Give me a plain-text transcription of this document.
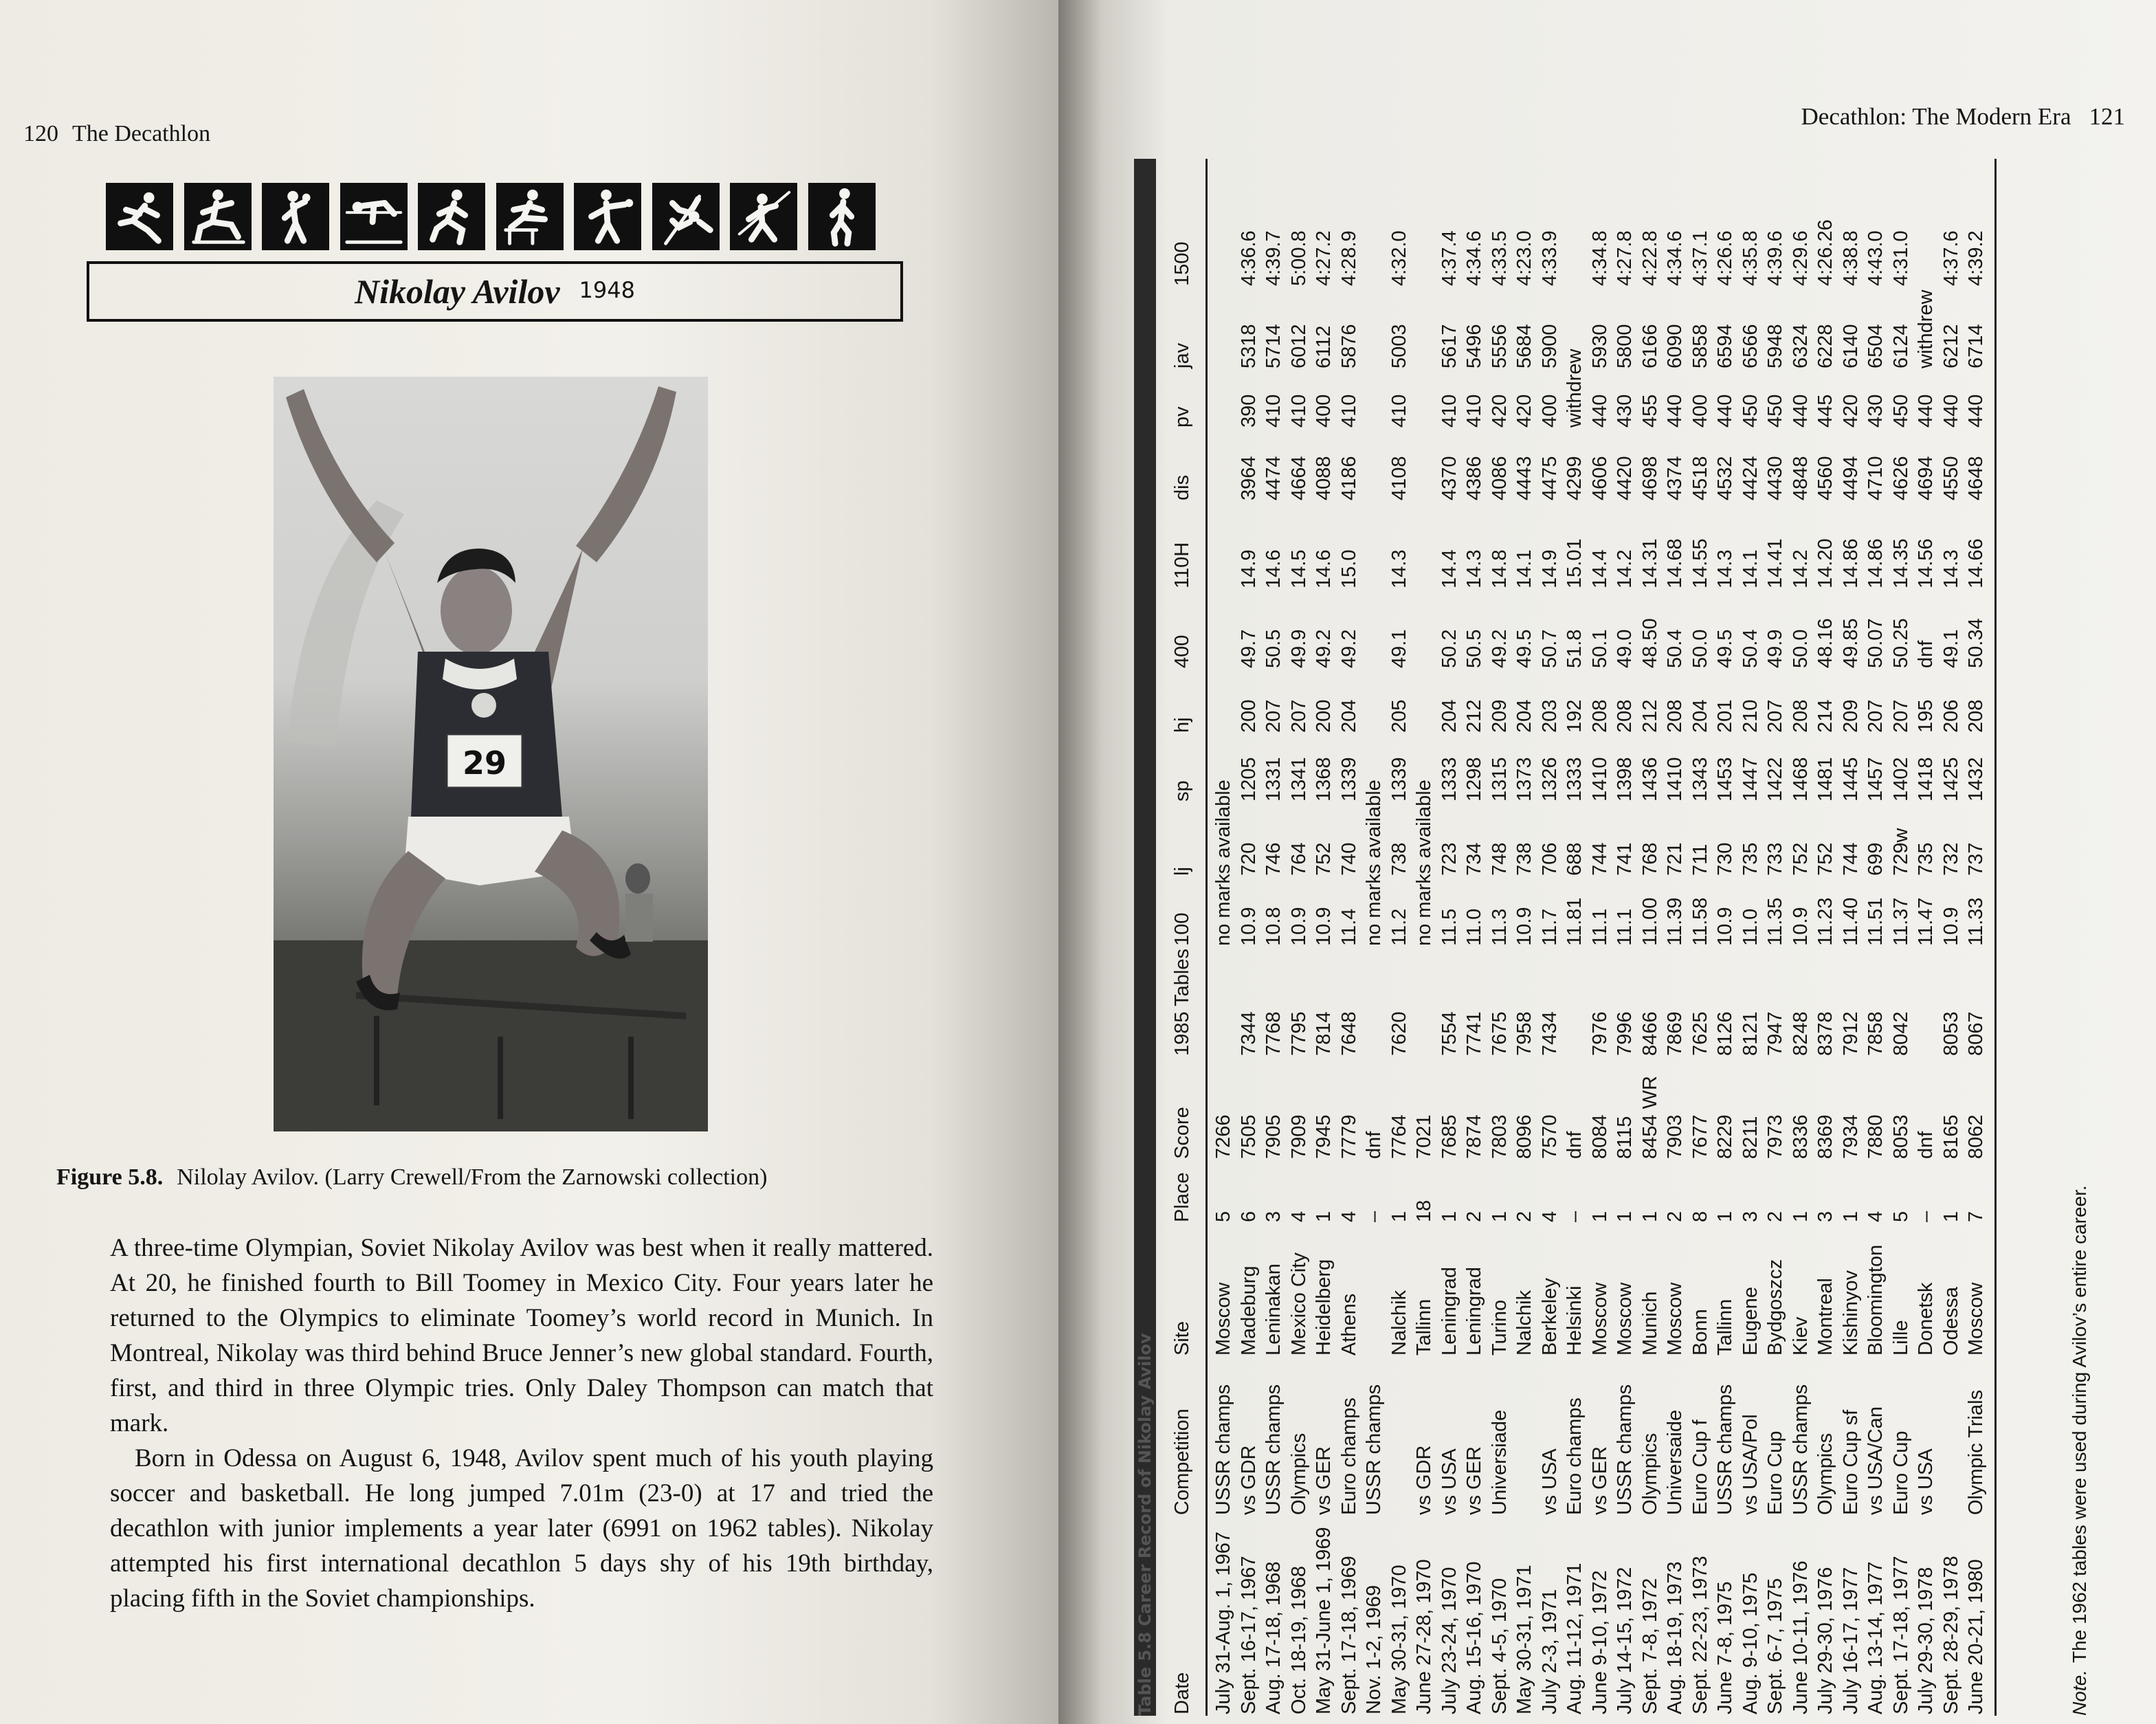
120 The Decathlon
Nikolay Avilov 1948
29
Figure 5.8. Nilolay Avilov. (Larry Crewell/From the Zarnowski collection)

A three-time Olympian, Soviet Nikolay Avilov was best when it really mattered. At 20, he finished fourth to Bill Toomey in Mexico City. Four years later he returned to the Olympics to eliminate Toomey’s world record in Munich. In Montreal, Nikolay was third behind Bruce Jenner’s new global standard. Fourth, first, and third in three Olympic tries. Only Daley Thompson can match that mark.

Born in Odessa on August 6, 1948, Avilov spent much of his youth playing soccer and basketball. He long jumped 7.01m (23-0) at 17 and tried the decathlon with junior implements a year later (6991 on 1962 tables). Nikolay attempted his first international decathlon 5 days shy of his 19th birthday, placing fifth in the Soviet championships.

Decathlon: The Modern Era 121
Table 5.8 Career Record of Nikolay Avilov Date
Competition
Site
Place
Score
1985 Tables
100
lj
sp
hj
400
110H
dis
pv
jav
1500
July 31-Aug. 1, 1967
USSR champs
Moscow
5
7266
no marks available
Sept. 16-17, 1967
vs GDR
Madeburg
6
7505
7344
10.9
720
1205
200
49.7
14.9
3964
390
5318
4:36.6
Aug. 17-18, 1968
USSR champs
Leninakan
3
7905
7768
10.8
746
1331
207
50.5
14.6
4474
410
5714
4:39.7
Oct. 18-19, 1968
Olympics
Mexico City
4
7909
7795
10.9
764
1341
207
49.9
14.5
4664
410
6012
5:00.8
May 31-June 1, 1969
vs GER
Heidelberg
1
7945
7814
10.9
752
1368
200
49.2
14.6
4088
400
6112
4:27.2
Sept. 17-18, 1969
Euro champs
Athens
4
7779
7648
11.4
740
1339
204
49.2
15.0
4186
410
5876
4:28.9
Nov. 1-2, 1969
USSR champs
–
dnf
no marks available
May 30-31, 1970
Nalchik
1
7764
7620
11.2
738
1339
205
49.1
14.3
4108
410
5003
4:32.0
June 27-28, 1970
vs GDR
Tallinn
18
7021
no marks available
July 23-24, 1970
vs USA
Leningrad
1
7685
7554
11.5
723
1333
204
50.2
14.4
4370
410
5617
4:37.4
Aug. 15-16, 1970
vs GER
Leningrad
2
7874
7741
11.0
734
1298
212
50.5
14.3
4386
410
5496
4:34.6
Sept. 4-5, 1970
Universiade
Turino
1
7803
7675
11.3
748
1315
209
49.2
14.8
4086
420
5556
4:33.5
May 30-31, 1971
Nalchik
2
8096
7958
10.9
738
1373
204
49.5
14.1
4443
420
5684
4:23.0
July 2-3, 1971
vs USA
Berkeley
4
7570
7434
11.7
706
1326
203
50.7
14.9
4475
400
5900
4:33.9
Aug. 11-12, 1971
Euro champs
Helsinki
–
dnf
11.81
688
1333
192
51.8
15.01
4299
withdrew
June 9-10, 1972
vs GER
Moscow
1
8084
7976
11.1
744
1410
208
50.1
14.4
4606
440
5930
4:34.8
July 14-15, 1972
USSR champs
Moscow
1
8115
7996
11.1
741
1398
208
49.0
14.2
4420
430
5800
4:27.8
Sept. 7-8, 1972
Olympics
Munich
1
8454 WR
8466
11.00
768
1436
212
48.50
14.31
4698
455
6166
4:22.8
Aug. 18-19, 1973
Universaide
Moscow
2
7903
7869
11.39
721
1410
208
50.4
14.68
4374
440
6090
4:34.6
Sept. 22-23, 1973
Euro Cup f
Bonn
8
7677
7625
11.58
711
1343
204
50.0
14.55
4518
400
5858
4:37.1
June 7-8, 1975
USSR champs
Tallinn
1
8229
8126
10.9
730
1453
201
49.5
14.3
4532
440
6594
4:26.6
Aug. 9-10, 1975
vs USA/Pol
Eugene
3
8211
8121
11.0
735
1447
210
50.4
14.1
4424
450
6566
4:35.8
Sept. 6-7, 1975
Euro Cup
Bydgoszcz
2
7973
7947
11.35
733
1422
207
49.9
14.41
4430
450
5948
4:39.6
June 10-11, 1976
USSR champs
Kiev
1
8336
8248
10.9
752
1468
208
50.0
14.2
4848
440
6324
4:29.6
July 29-30, 1976
Olympics
Montreal
3
8369
8378
11.23
752
1481
214
48.16
14.20
4560
445
6228
4:26.26
July 16-17, 1977
Euro Cup sf
Kishinyov
1
7934
7912
11.40
744
1445
209
49.85
14.86
4494
420
6140
4:38.8
Aug. 13-14, 1977
vs USA/Can
Bloomington
4
7880
7858
11.51
699
1457
207
50.07
14.86
4710
430
6504
4:43.0
Sept. 17-18, 1977
Euro Cup
Lille
5
8053
8042
11.37
729w
1402
207
50.25
14.35
4626
450
6124
4:31.0
July 29-30, 1978
vs USA
Donetsk
–
dnf
11.47
735
1418
195
dnf
14.56
4694
440
withdrew
Sept. 28-29, 1978
Odessa
1
8165
8053
10.9
732
1425
206
49.1
14.3
4550
440
6212
4:37.6
June 20-21, 1980
Olympic Trials
Moscow
7
8062
8067
11.33
737
1432
208
50.34
14.66
4648
440
6714
4:39.2
Note.The 1962 tables were used during Avilov’s entire career.
